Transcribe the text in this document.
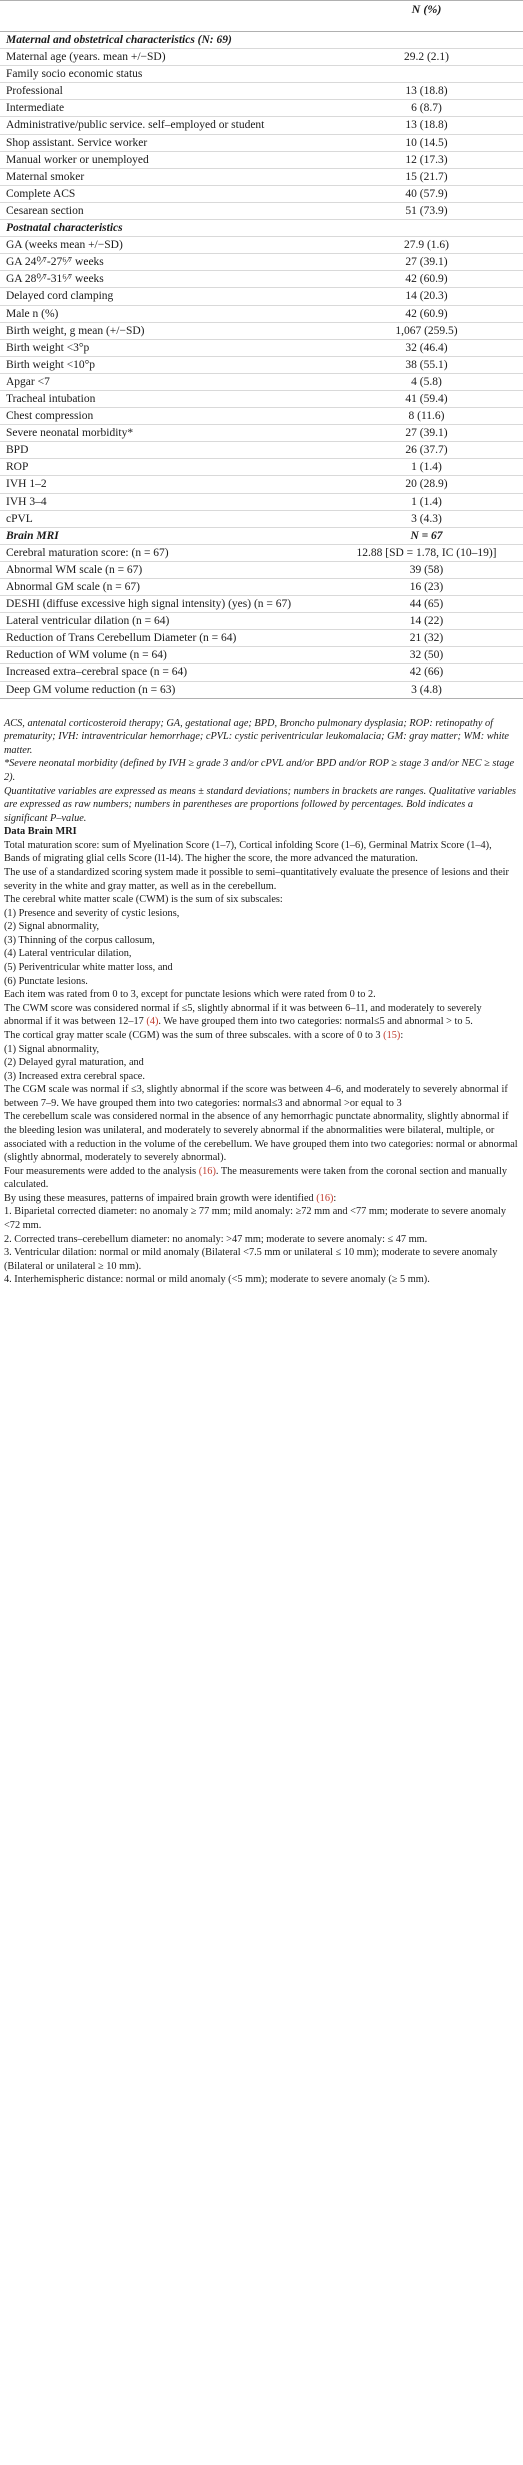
	N (%)
Maternal and obstetrical characteristics (N: 69)	
Maternal age (years. mean +/−SD)	29.2 (2.1)
Family socio economic status	
Professional	13 (18.8)
Intermediate	6 (8.7)
Administrative/public service. self–employed or student	13 (18.8)
Shop assistant. Service worker	10 (14.5)
Manual worker or unemployed	12 (17.3)
Maternal smoker	15 (21.7)
Complete ACS	40 (57.9)
Cesarean section	51 (73.9)
Postnatal characteristics	
GA (weeks mean +/−SD)	27.9 (1.6)
GA 24⁰⁄⁷-27⁶⁄⁷ weeks	27 (39.1)
GA 28⁰⁄⁷-31⁶⁄⁷ weeks	42 (60.9)
Delayed cord clamping	14 (20.3)
Male n (%)	42 (60.9)
Birth weight, g mean (+/−SD)	1,067 (259.5)
Birth weight <3°p	32 (46.4)
Birth weight <10°p	38 (55.1)
Apgar <7	4 (5.8)
Tracheal intubation	41 (59.4)
Chest compression	8 (11.6)
Severe neonatal morbidity*	27 (39.1)
BPD	26 (37.7)
ROP	1 (1.4)
IVH 1–2	20 (28.9)
IVH 3–4	1 (1.4)
cPVL	3 (4.3)
Brain MRI	N = 67
Cerebral maturation score: (n = 67)	12.88 [SD = 1.78, IC (10–19)]
Abnormal WM scale (n = 67)	39 (58)
Abnormal GM scale (n = 67)	16 (23)
DESHI (diffuse excessive high signal intensity) (yes) (n = 67)	44 (65)
Lateral ventricular dilation (n = 64)	14 (22)
Reduction of Trans Cerebellum Diameter (n = 64)	21 (32)
Reduction of WM volume (n = 64)	32 (50)
Increased extra–cerebral space (n = 64)	42 (66)
Deep GM volume reduction (n = 63)	3 (4.8)

ACS, antenatal corticosteroid therapy; GA, gestational age; BPD, Broncho pulmonary dysplasia; ROP: retinopathy of prematurity; IVH: intraventricular hemorrhage; cPVL: cystic periventricular leukomalacia; GM: gray matter; WM: white matter.

*Severe neonatal morbidity (defined by IVH ≥ grade 3 and/or cPVL and/or BPD and/or ROP ≥ stage 3 and/or NEC ≥ stage 2).

Quantitative variables are expressed as means ± standard deviations; numbers in brackets are ranges. Qualitative variables are expressed as raw numbers; numbers in parentheses are proportions followed by percentages. Bold indicates a significant P–value.

Data Brain MRI

Total maturation score: sum of Myelination Score (1–7), Cortical infolding Score (1–6), Germinal Matrix Score (1–4), Bands of migrating glial cells Score (l1-l4). The higher the score, the more advanced the maturation.

The use of a standardized scoring system made it possible to semi–quantitatively evaluate the presence of lesions and their severity in the white and gray matter, as well as in the cerebellum.

The cerebral white matter scale (CWM) is the sum of six subscales:

(1) Presence and severity of cystic lesions,

(2) Signal abnormality,

(3) Thinning of the corpus callosum,

(4) Lateral ventricular dilation,

(5) Periventricular white matter loss, and

(6) Punctate lesions.

Each item was rated from 0 to 3, except for punctate lesions which were rated from 0 to 2.

The CWM score was considered normal if ≤5, slightly abnormal if it was between 6–11, and moderately to severely abnormal if it was between 12–17 (4). We have grouped them into two categories: normal≤5 and abnormal > to 5.

The cortical gray matter scale (CGM) was the sum of three subscales. with a score of 0 to 3 (15):

(1) Signal abnormality,

(2) Delayed gyral maturation, and

(3) Increased extra cerebral space.

The CGM scale was normal if ≤3, slightly abnormal if the score was between 4–6, and moderately to severely abnormal if between 7–9. We have grouped them into two categories: normal≤3 and abnormal >or equal to 3

The cerebellum scale was considered normal in the absence of any hemorrhagic punctate abnormality, slightly abnormal if the bleeding lesion was unilateral, and moderately to severely abnormal if the abnormalities were bilateral, multiple, or associated with a reduction in the volume of the cerebellum. We have grouped them into two categories: normal or abnormal (slightly abnormal, moderately to severely abnormal).

Four measurements were added to the analysis (16). The measurements were taken from the coronal section and manually calculated.

By using these measures, patterns of impaired brain growth were identified (16):

1. Biparietal corrected diameter: no anomaly ≥ 77 mm; mild anomaly: ≥72 mm and <77 mm; moderate to severe anomaly <72 mm.

2. Corrected trans–cerebellum diameter: no anomaly: >47 mm; moderate to severe anomaly: ≤ 47 mm.

3. Ventricular dilation: normal or mild anomaly (Bilateral <7.5 mm or unilateral ≤ 10 mm); moderate to severe anomaly (Bilateral or unilateral ≥ 10 mm).

4. Interhemispheric distance: normal or mild anomaly (<5 mm); moderate to severe anomaly (≥ 5 mm).
